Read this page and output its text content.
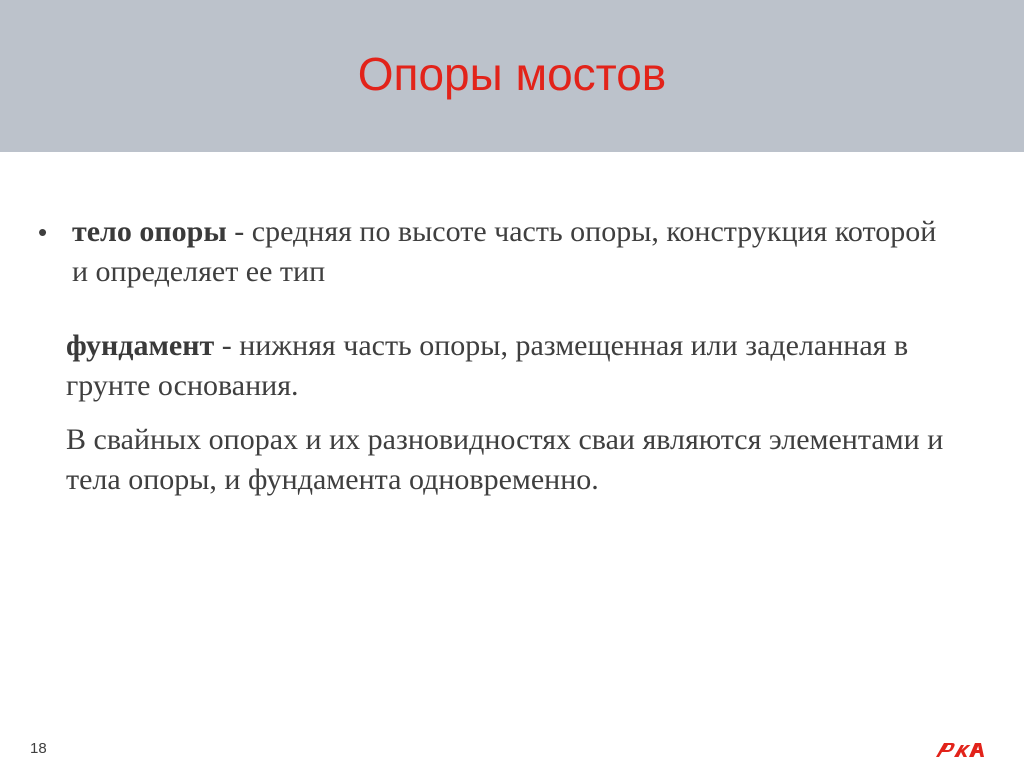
Опоры мостов
• тело опоры - средняя по высоте часть опоры, конструкция которой и определяет ее тип
фундамент - нижняя часть опоры, размещенная или заделанная в грунте основания.
В свайных опорах и их разновидностях сваи являются элементами и тела опоры, и фундамента одновременно.
18
